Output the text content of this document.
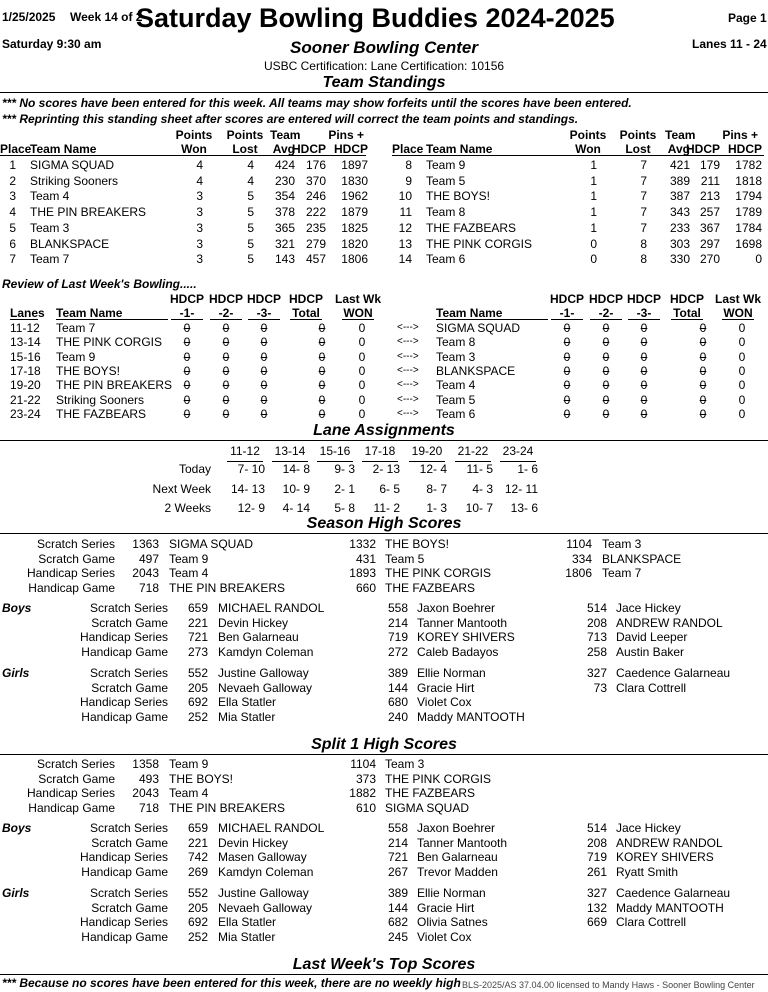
1/25/2025 Week 14 of 2
Saturday Bowling Buddies 2024-2025	Page 1
Saturday 9:30 am	Sooner Bowling Center	Lanes 11 - 24
USBC Certification: Lane Certification: 10156
Team Standings
*** No scores have been entered for this week. All teams may show forfeits until the scores have been entered.
*** Reprinting this standing sheet after scores are entered will correct the team points and standings.
Points
Won
Points
Lost
Team
Avg
HDCP
Pins +
HDCP
Place
Team Name
1 SIGMA SQUAD	4	4	424 176	1897
2 Striking Sooners	4	4	230 370	1830
3 Team 4	3	5	354 246	1962
4 THE PIN BREAKERS	3	5	378 222	1879
5 Team 3	3	5	365 235	1825
6 BLANKSPACE	3	5	321 279	1820
7 Team 7	3	5	143 457	1806
Points
Won
Points
Lost
Team
Avg
HDCP
Pins +
HDCP
Place Team Name
8 Team 9	1	7	421 179	1782
9 Team 5	1	7	389 211	1818
10 THE BOYS!	1	7	387 213	1794
11 Team 8	1	7	343 257	1789
12 THE FAZBEARS	1	7	233 367	1784
13 THE PINK CORGIS	0	8	303 297	1698
14 Team 6	0	8	330 270	0
Review of Last Week's Bowling.....
Lanes Team Name
HDCP
-1-
HDCP
-2-
HDCP
-3-
HDCP
Total
HDCP
-1-
HDCP
-2-
HDCP
-3-
HDCP
Total
Last Wk
WON
Last Wk
WON
Team Name
11-12 Team 7	0	0	0	0	0	<---> SIGMA SQUAD	0	0	0	0	0
13-14 THE PINK CORGIS	0	0	0	0	0	<---> Team 8	0	0	0	0	0
15-16 Team 9	0	0	0	0	0	<---> Team 3	0	0	0	0	0
17-18 THE BOYS!	0	0	0	0	0	<---> BLANKSPACE	0	0	0	0	0
19-20 THE PIN BREAKERS 0	0	0	0	0	<---> Team 4	0	0	0	0	0
21-22 Striking Sooners	0	0	0	0	0	<---> Team 5	0	0	0	0	0
23-24 THE FAZBEARS	0	0	0	0	0	<---> Team 6	0	0	0	0	0
Lane Assignments
11-12	13-14	15-16	17-18	19-20	21-22	23-24
Today	7- 10	14- 8	9- 3	2- 13	12- 4	11- 5	1- 6
Next Week	14- 13	10- 9	2- 1	6- 5	8- 7	4- 3 12- 11
2 Weeks	12- 9	4- 14	5- 8	11- 2	1- 3	10- 7	13- 6
Season High Scores
Scratch Series	1363 SIGMA SQUAD	1332 THE BOYS!	1104 Team 3
Scratch Game	497 Team 9	431 Team 5	334 BLANKSPACE
Handicap Series	2043 Team 4	1893 THE PINK CORGIS	1806 Team 7
Handicap Game	718 THE PIN BREAKERS	660 THE FAZBEARS
Boys	Scratch Series	659 MICHAEL RANDOL	558 Jaxon Boehrer	514 Jace Hickey
Scratch Game	221 Devin Hickey	214 Tanner Mantooth	208 ANDREW RANDOL
Handicap Series	721 Ben Galarneau	719 KOREY SHIVERS	713 David Leeper
Handicap Game	273 Kamdyn Coleman	272 Caleb Badayos	258 Austin Baker
Girls	Scratch Series	552 Justine Galloway	389 Ellie Norman	327 Caedence Galarneau
Scratch Game	205 Nevaeh Galloway	144 Gracie Hirt	73 Clara Cottrell
Handicap Series	692 Ella Statler	680 Violet Cox
Handicap Game	252 Mia Statler	240 Maddy MANTOOTH
Split 1 High Scores
Scratch Series	1358 Team 9	1104 Team 3
Scratch Game	493 THE BOYS!	373 THE PINK CORGIS
Handicap Series	2043 Team 4	1882 THE FAZBEARS
Handicap Game	718 THE PIN BREAKERS	610 SIGMA SQUAD
Boys	Scratch Series	659 MICHAEL RANDOL	558 Jaxon Boehrer	514 Jace Hickey
Scratch Game	221 Devin Hickey	214 Tanner Mantooth	208 ANDREW RANDOL
Handicap Series	742 Masen Galloway	721 Ben Galarneau	719 KOREY SHIVERS
Handicap Game	269 Kamdyn Coleman	267 Trevor Madden	261 Ryatt Smith
Girls	Scratch Series	552 Justine Galloway	389 Ellie Norman	327 Caedence Galarneau
Scratch Game	205 Nevaeh Galloway	144 Gracie Hirt	132 Maddy MANTOOTH
Handicap Series	692 Ella Statler	682 Olivia Satnes	669 Clara Cottrell
Handicap Game	252 Mia Statler	245 Violet Cox
Last Week's Top Scores
*** Because no scores have been entered for this week, there are no weekly high BLS-2025/AS 37.04.00 licensed to Mandy Haws - Sooner Bowling Center
